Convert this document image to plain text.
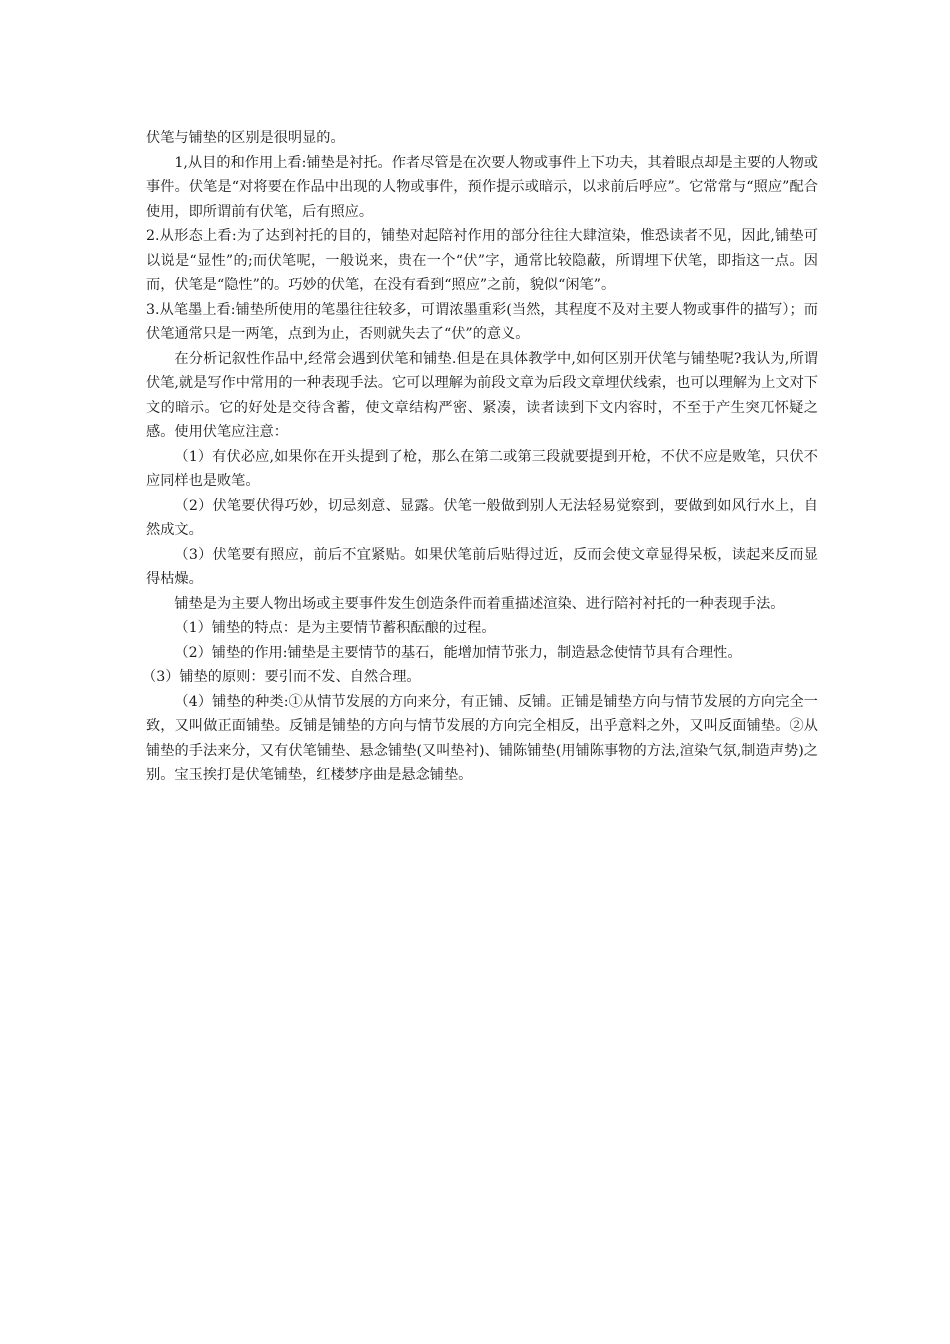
伏笔与铺垫的区别是很明显的。

1,从目的和作用上看:铺垫是衬托。作者尽管是在次要人物或事件上下功夫，其着眼点却是主要的人物或事件。伏笔是“对将要在作品中出现的人物或事件，预作提示或暗示，以求前后呼应”。它常常与“照应”配合使用，即所谓前有伏笔，后有照应。

2.从形态上看:为了达到衬托的目的，铺垫对起陪衬作用的部分往往大肆渲染，惟恐读者不见，因此,铺垫可以说是“显性”的;而伏笔呢，一般说来，贵在一个“伏”字，通常比较隐蔽，所谓埋下伏笔，即指这一点。因而，伏笔是“隐性”的。巧妙的伏笔，在没有看到“照应”之前，貌似“闲笔”。

3.从笔墨上看:铺垫所使用的笔墨往往较多，可谓浓墨重彩(当然，其程度不及对主要人物或事件的描写）；而伏笔通常只是一两笔，点到为止，否则就失去了“伏”的意义。

在分析记叙性作品中,经常会遇到伏笔和铺垫.但是在具体教学中,如何区别开伏笔与铺垫呢?我认为,所谓伏笔,就是写作中常用的一种表现手法。它可以理解为前段文章为后段文章埋伏线索，也可以理解为上文对下文的暗示。它的好处是交待含蓄，使文章结构严密、紧凑，读者读到下文内容时，不至于产生突兀怀疑之感。使用伏笔应注意：

（1）有伏必应,如果你在开头提到了枪，那么在第二或第三段就要提到开枪，不伏不应是败笔，只伏不应同样也是败笔。

（2）伏笔要伏得巧妙，切忌刻意、显露。伏笔一般做到别人无法轻易觉察到，要做到如风行水上，自然成文。

（3）伏笔要有照应，前后不宜紧贴。如果伏笔前后贴得过近，反而会使文章显得呆板，读起来反而显得枯燥。

铺垫是为主要人物出场或主要事件发生创造条件而着重描述渲染、进行陪衬衬托的一种表现手法。

（1）铺垫的特点：是为主要情节蓄积酝酿的过程。

（2）铺垫的作用:铺垫是主要情节的基石，能增加情节张力，制造悬念使情节具有合理性。

（3）铺垫的原则：要引而不发、自然合理。

（4）铺垫的种类:①从情节发展的方向来分，有正铺、反铺。正铺是铺垫方向与情节发展的方向完全一致，又叫做正面铺垫。反铺是铺垫的方向与情节发展的方向完全相反，出乎意料之外，又叫反面铺垫。②从铺垫的手法来分，又有伏笔铺垫、悬念铺垫(又叫垫衬)、铺陈铺垫(用铺陈事物的方法,渲染气氛,制造声势)之别。宝玉挨打是伏笔铺垫，红楼梦序曲是悬念铺垫。
